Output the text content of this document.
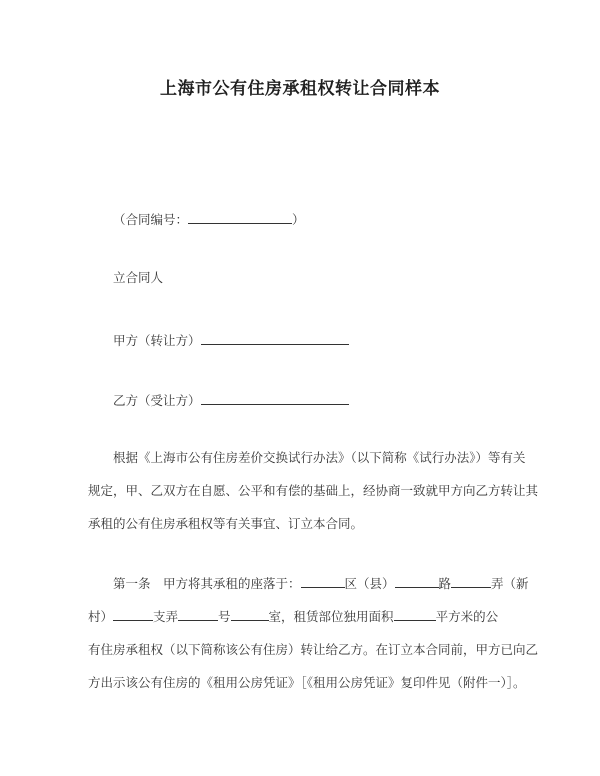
上海市公有住房承租权转让合同样本
（合同编号：	）
立合同人
甲方（转让方）
乙方（受让方）
根据《上海市公有住房差价交换试行办法》（以下简称《试行办法》）等有关
规定，甲、乙双方在自愿、公平和有偿的基础上，经协商一致就甲方向乙方转让其
承租的公有住房承租权等有关事宜、订立本合同。
第一条　甲方将其承租的座落于：	区（县）	路	弄（新
村）	支弄	号	室，租赁部位独用面积	平方米的公
有住房承租权（以下简称该公有住房）转让给乙方。在订立本合同前，甲方已向乙
方出示该公有住房的《租用公房凭证》［《租用公房凭证》复印件见（附件一）］。
